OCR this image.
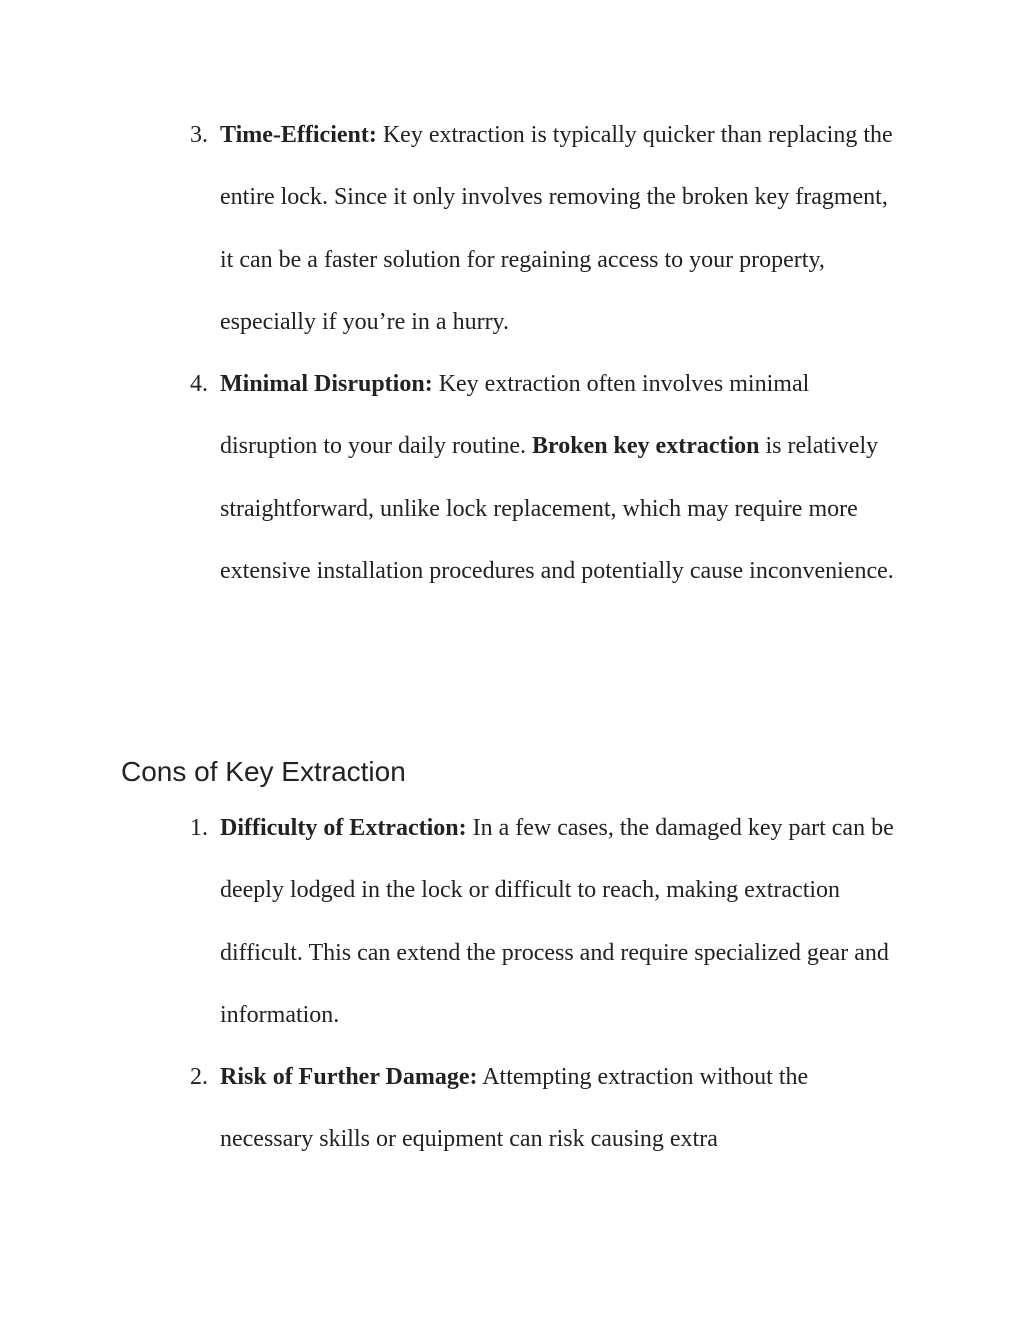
3. Time-Efficient: Key extraction is typically quicker than replacing the entire lock. Since it only involves removing the broken key fragment, it can be a faster solution for regaining access to your property, especially if you’re in a hurry.
4. Minimal Disruption: Key extraction often involves minimal disruption to your daily routine. Broken key extraction is relatively straightforward, unlike lock replacement, which may require more extensive installation procedures and potentially cause inconvenience.
Cons of Key Extraction
1. Difficulty of Extraction: In a few cases, the damaged key part can be deeply lodged in the lock or difficult to reach, making extraction difficult. This can extend the process and require specialized gear and information.
2. Risk of Further Damage: Attempting extraction without the necessary skills or equipment can risk causing extra
